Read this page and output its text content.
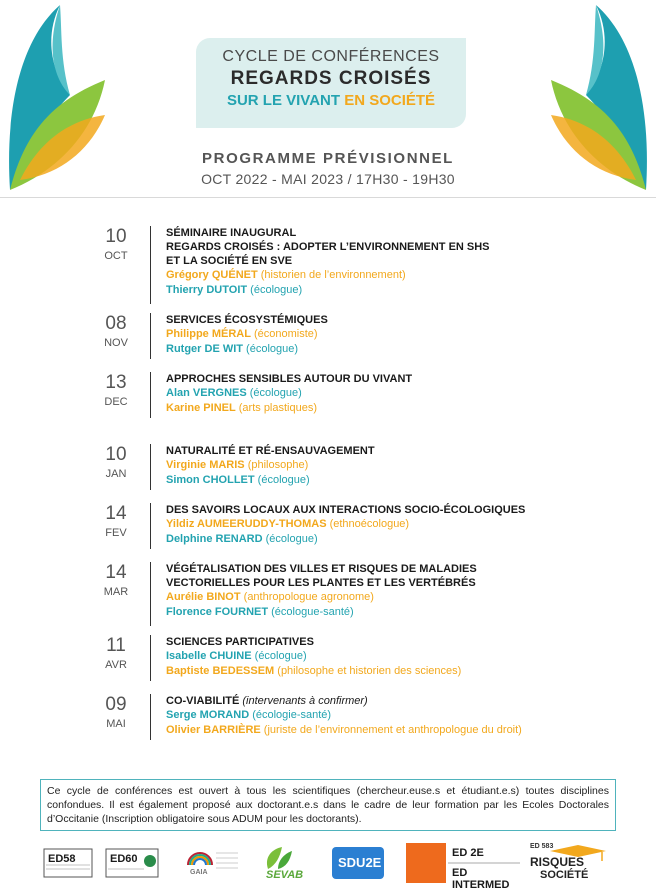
CYCLE DE CONFÉRENCES
REGARDS CROISÉS
SUR LE VIVANT EN SOCIÉTÉ
PROGRAMME PRÉVISIONNEL
OCT 2022 - MAI 2023 / 17H30 - 19H30
10
OCT
SÉMINAIRE INAUGURAL
REGARDS CROISÉS : ADOPTER L’ENVIRONNEMENT EN SHS
ET LA SOCIÉTÉ EN SVE
Grégory QUÉNET (historien de l’environnement)
Thierry DUTOIT (écologue)
08
NOV
SERVICES ÉCOSYSTÉMIQUES
Philippe MÉRAL (économiste)
Rutger DE WIT (écologue)
13
DEC
APPROCHES SENSIBLES AUTOUR DU VIVANT
Alan VERGNES (écologue)
Karine PINEL (arts plastiques)
10
JAN
NATURALITÉ ET RÉ-ENSAUVAGEMENT
Virginie MARIS (philosophe)
Simon CHOLLET (écologue)
14
FEV
DES SAVOIRS LOCAUX AUX INTERACTIONS SOCIO-ÉCOLOGIQUES
Yildiz AUMEERUDDY-THOMAS (ethnoécologue)
Delphine RENARD (écologue)
14
MAR
VÉGÉTALISATION DES VILLES ET RISQUES DE MALADIES
VECTORIELLES POUR LES PLANTES ET LES VERTÉBRÉS
Aurélie BINOT (anthropologue agronome)
Florence FOURNET (écologue-santé)
11
AVR
SCIENCES PARTICIPATIVES
Isabelle CHUINE (écologue)
Baptiste BEDESSEM (philosophe et historien des sciences)
09
MAI
CO-VIABILITÉ (intervenants à confirmer)
Serge MORAND (écologie-santé)
Olivier BARRIÈRE (juriste de l’environnement et anthropologue du droit)
Ce cycle de conférences est ouvert à tous les scientifiques (chercheur.euse.s et étudiant.e.s) toutes disciplines confondues. Il est également proposé aux doctorant.e.s dans le cadre de leur formation par les Ecoles Doctorales d’Occitanie (Inscription obligatoire sous ADUM pour les doctorants).
ED58	ED60
GAIA	SEVAB
SDU2E
ED 2E
ED INTERMED
ED 583
RISQUES
SOCIÉTÉ
